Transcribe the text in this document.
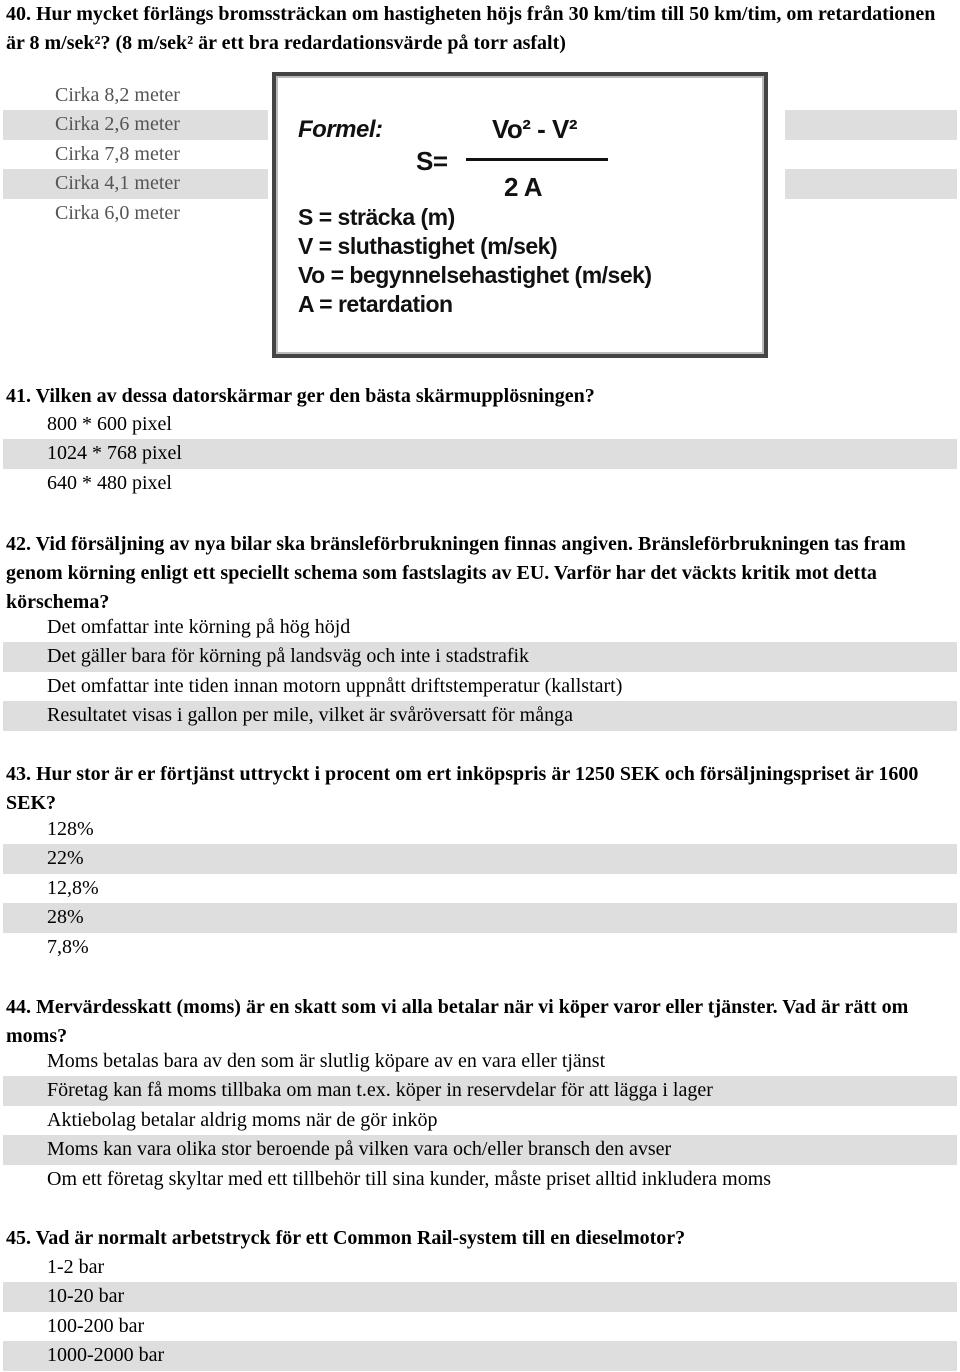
40. Hur mycket förlängs bromssträckan om hastigheten höjs från 30 km/tim till 50 km/tim, om retardationen är 8 m/sek²? (8 m/sek² är ett bra redardationsvärde på torr asfalt)
Cirka 8,2 meter
Cirka 2,6 meter
Cirka 7,8 meter
Cirka 4,1 meter
Cirka 6,0 meter
Formel:	Vo² - V²
S=
2 A
S = sträcka (m)
V = sluthastighet (m/sek)
Vo = begynnelsehastighet (m/sek)
A = retardation
41. Vilken av dessa datorskärmar ger den bästa skärmupplösningen?
800 * 600 pixel
1024 * 768 pixel
640 * 480 pixel
42. Vid försäljning av nya bilar ska bränsleförbrukningen finnas angiven. Bränsleförbrukningen tas fram genom körning enligt ett speciellt schema som fastslagits av EU. Varför har det väckts kritik mot detta körschema?
Det omfattar inte körning på hög höjd
Det gäller bara för körning på landsväg och inte i stadstrafik
Det omfattar inte tiden innan motorn uppnått driftstemperatur (kallstart)
Resultatet visas i gallon per mile, vilket är svåröversatt för många
43. Hur stor är er förtjänst uttryckt i procent om ert inköpspris är 1250 SEK och försäljningspriset är 1600 SEK?
128%
22%
12,8%
28%
7,8%
44. Mervärdesskatt (moms) är en skatt som vi alla betalar när vi köper varor eller tjänster. Vad är rätt om moms?
Moms betalas bara av den som är slutlig köpare av en vara eller tjänst
Företag kan få moms tillbaka om man t.ex. köper in reservdelar för att lägga i lager
Aktiebolag betalar aldrig moms när de gör inköp
Moms kan vara olika stor beroende på vilken vara och/eller bransch den avser
Om ett företag skyltar med ett tillbehör till sina kunder, måste priset alltid inkludera moms
45. Vad är normalt arbetstryck för ett Common Rail-system till en dieselmotor?
1-2 bar
10-20 bar
100-200 bar
1000-2000 bar
